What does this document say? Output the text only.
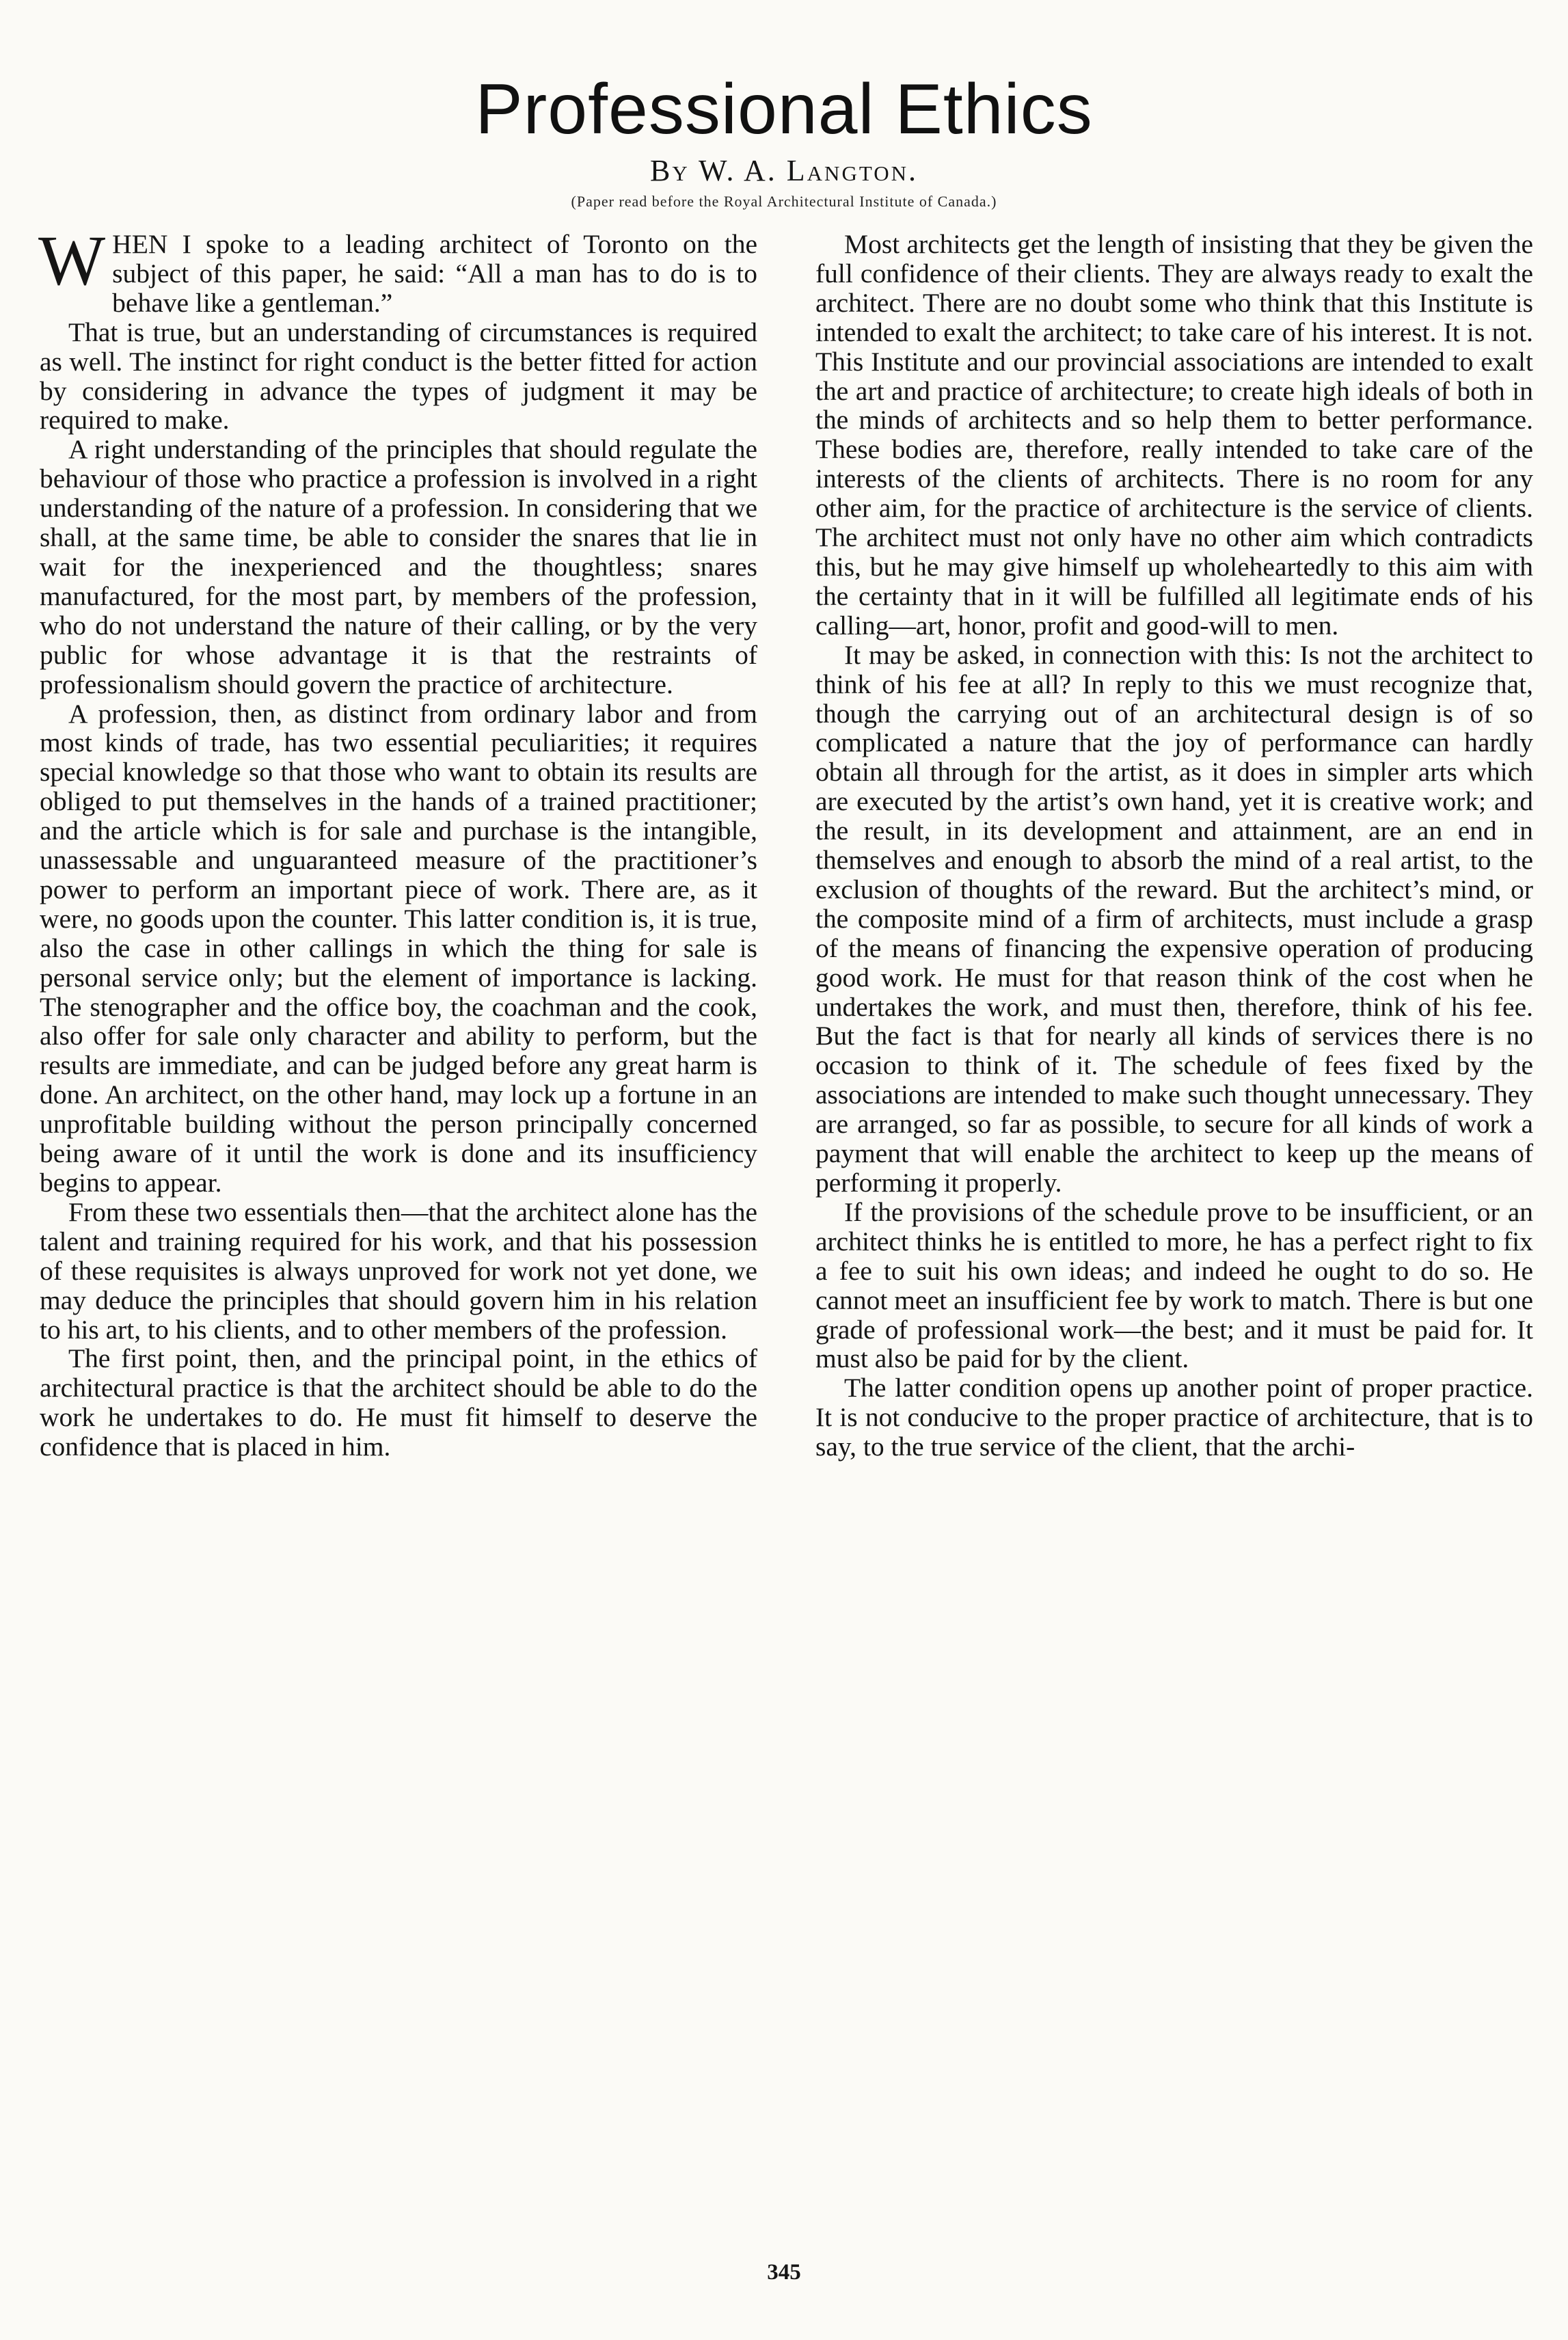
Professional Ethics
By W. A. Langton.
(Paper read before the Royal Architectural Institute of Canada.)

WHEN I spoke to a leading architect of Toronto on the subject of this paper, he said: “All a man has to do is to behave like a gentleman.”

That is true, but an understanding of circumstances is required as well. The instinct for right conduct is the better fitted for action by considering in advance the types of judgment it may be required to make.

A right understanding of the principles that should regulate the behaviour of those who practice a profession is involved in a right understanding of the nature of a profession. In considering that we shall, at the same time, be able to consider the snares that lie in wait for the inexperienced and the thoughtless; snares manufactured, for the most part, by members of the profession, who do not understand the nature of their calling, or by the very public for whose advantage it is that the restraints of professionalism should govern the practice of architecture.

A profession, then, as distinct from ordinary labor and from most kinds of trade, has two essential peculiarities; it requires special knowledge so that those who want to obtain its results are obliged to put themselves in the hands of a trained practitioner; and the article which is for sale and purchase is the intangible, unassessable and unguaranteed measure of the practitioner’s power to perform an important piece of work. There are, as it were, no goods upon the counter. This latter condition is, it is true, also the case in other callings in which the thing for sale is personal service only; but the element of importance is lacking. The stenographer and the office boy, the coachman and the cook, also offer for sale only character and ability to perform, but the results are immediate, and can be judged before any great harm is done. An architect, on the other hand, may lock up a fortune in an unprofitable building without the person principally concerned being aware of it until the work is done and its insufficiency begins to appear.

From these two essentials then—that the architect alone has the talent and training required for his work, and that his possession of these requisites is always unproved for work not yet done, we may deduce the principles that should govern him in his relation to his art, to his clients, and to other members of the profession.

The first point, then, and the principal point, in the ethics of architectural practice is that the architect should be able to do the work he undertakes to do. He must fit himself to deserve the confidence that is placed in him.

Most architects get the length of insisting that they be given the full confidence of their clients. They are always ready to exalt the architect. There are no doubt some who think that this Institute is intended to exalt the architect; to take care of his interest. It is not. This Institute and our provincial associations are intended to exalt the art and practice of architecture; to create high ideals of both in the minds of architects and so help them to better performance. These bodies are, therefore, really intended to take care of the interests of the clients of architects. There is no room for any other aim, for the practice of architecture is the service of clients. The architect must not only have no other aim which contradicts this, but he may give himself up wholeheartedly to this aim with the certainty that in it will be fulfilled all legitimate ends of his calling—art, honor, profit and good-will to men.

It may be asked, in connection with this: Is not the architect to think of his fee at all? In reply to this we must recognize that, though the carrying out of an architectural design is of so complicated a nature that the joy of performance can hardly obtain all through for the artist, as it does in simpler arts which are executed by the artist’s own hand, yet it is creative work; and the result, in its development and attainment, are an end in themselves and enough to absorb the mind of a real artist, to the exclusion of thoughts of the reward. But the architect’s mind, or the composite mind of a firm of architects, must include a grasp of the means of financing the expensive operation of producing good work. He must for that reason think of the cost when he undertakes the work, and must then, therefore, think of his fee. But the fact is that for nearly all kinds of services there is no occasion to think of it. The schedule of fees fixed by the associations are intended to make such thought unnecessary. They are arranged, so far as possible, to secure for all kinds of work a payment that will enable the architect to keep up the means of performing it properly.

If the provisions of the schedule prove to be insufficient, or an architect thinks he is entitled to more, he has a perfect right to fix a fee to suit his own ideas; and indeed he ought to do so. He cannot meet an insufficient fee by work to match. There is but one grade of professional work—the best; and it must be paid for. It must also be paid for by the client.

The latter condition opens up another point of proper practice. It is not conducive to the proper practice of architecture, that is to say, to the true service of the client, that the archi-

345
